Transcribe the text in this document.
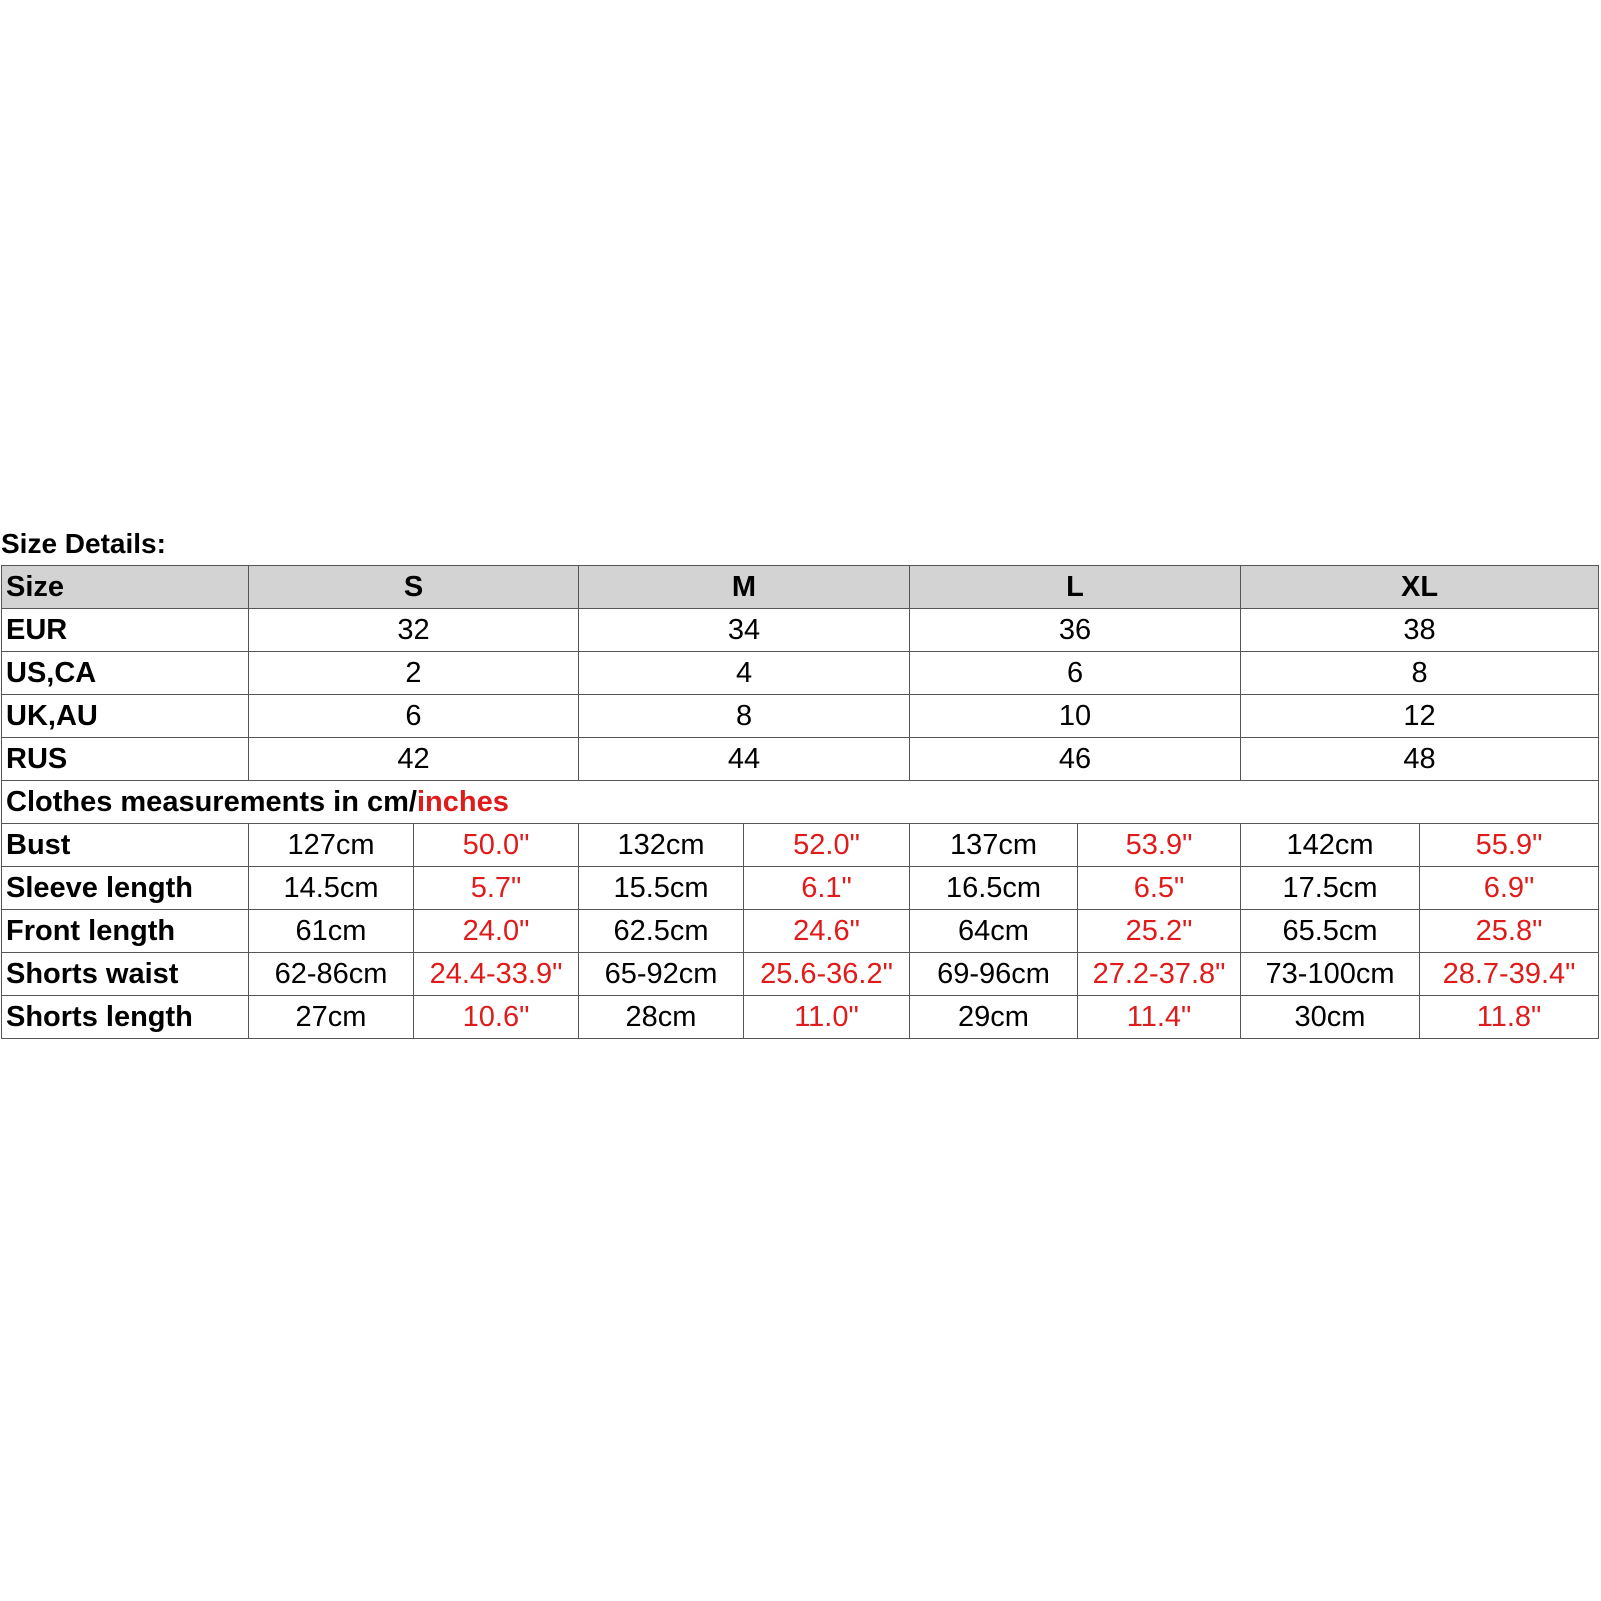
Size Details:
Size	S		M		L		XL	
EUR	32		34		36		38	
US,CA	2		4		6		8	
UK,AU	6		8		10		12	
RUS	42		44		46		48	
Clothes measurements in cm/inches								
Bust	127cm	50.0"	132cm	52.0"	137cm	53.9"	142cm	55.9"
Sleeve length	14.5cm	5.7"	15.5cm	6.1"	16.5cm	6.5"	17.5cm	6.9"
Front length	61cm	24.0"	62.5cm	24.6"	64cm	25.2"	65.5cm	25.8"
Shorts waist	62-86cm	24.4-33.9"	65-92cm	25.6-36.2"	69-96cm	27.2-37.8"	73-100cm	28.7-39.4"
Shorts length	27cm	10.6"	28cm	11.0"	29cm	11.4"	30cm	11.8"
